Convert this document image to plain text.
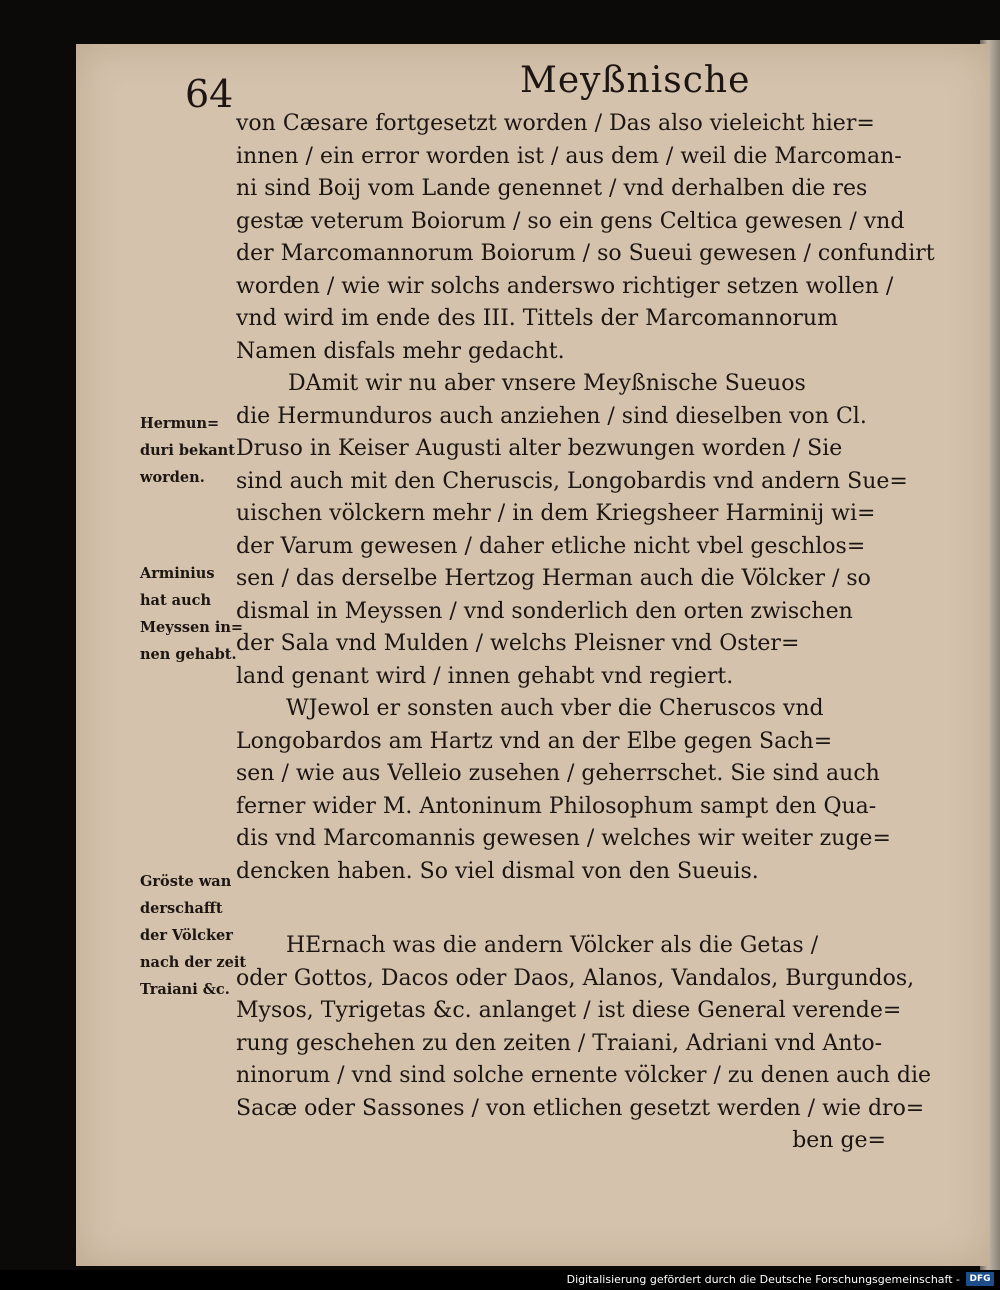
64	Meyßnische
von Cæsare fortgesetzt worden / Das also vieleicht hier=
innen / ein error worden ist / aus dem / weil die Marcoman-
ni sind Boij vom Lande genennet / vnd derhalben die res
gestæ veterum Boiorum / so ein gens Celtica gewesen / vnd
der Marcomannorum Boiorum / so Sueui gewesen / confundirt
worden / wie wir solchs anderswo richtiger setzen wollen /
vnd wird im ende des III. Tittels der Marcomannorum
Namen disfals mehr gedacht.
DAmit wir nu aber vnsere Meyßnische Sueuos
die Hermunduros auch anziehen / sind dieselben von Cl.
Druso in Keiser Augusti alter bezwungen worden / Sie
sind auch mit den Cheruscis, Longobardis vnd andern Sue=
uischen völckern mehr / in dem Kriegsheer Harminij wi=
der Varum gewesen / daher etliche nicht vbel geschlos=
sen / das derselbe Hertzog Herman auch die Völcker / so
dismal in Meyssen / vnd sonderlich den orten zwischen
der Sala vnd Mulden / welchs Pleisner vnd Oster=
land genant wird / innen gehabt vnd regiert.
WJewol er sonsten auch vber die Cheruscos vnd
Longobardos am Hartz vnd an der Elbe gegen Sach=
sen / wie aus Velleio zusehen / geherrschet. Sie sind auch
ferner wider M. Antoninum Philosophum sampt den Qua-
dis vnd Marcomannis gewesen / welches wir weiter zuge=
dencken haben. So viel dismal von den Sueuis.
HErnach was die andern Völcker als die Getas /
oder Gottos, Dacos oder Daos, Alanos, Vandalos, Burgundos,
Mysos, Tyrigetas &c. anlanget / ist diese General verende=
rung geschehen zu den zeiten / Traiani, Adriani vnd Anto-
ninorum / vnd sind solche ernente völcker / zu denen auch die
Sacæ oder Sassones / von etlichen gesetzt werden / wie dro=
ben ge=
Hermun=
duri bekant
worden.
Arminius
hat auch
Meyssen in=
nen gehabt.
Gröste wan
derschafft
der Völcker
nach der zeit
Traiani &c.
Digitalisierung gefördert durch die Deutsche Forschungsgemeinschaft -	DFG
